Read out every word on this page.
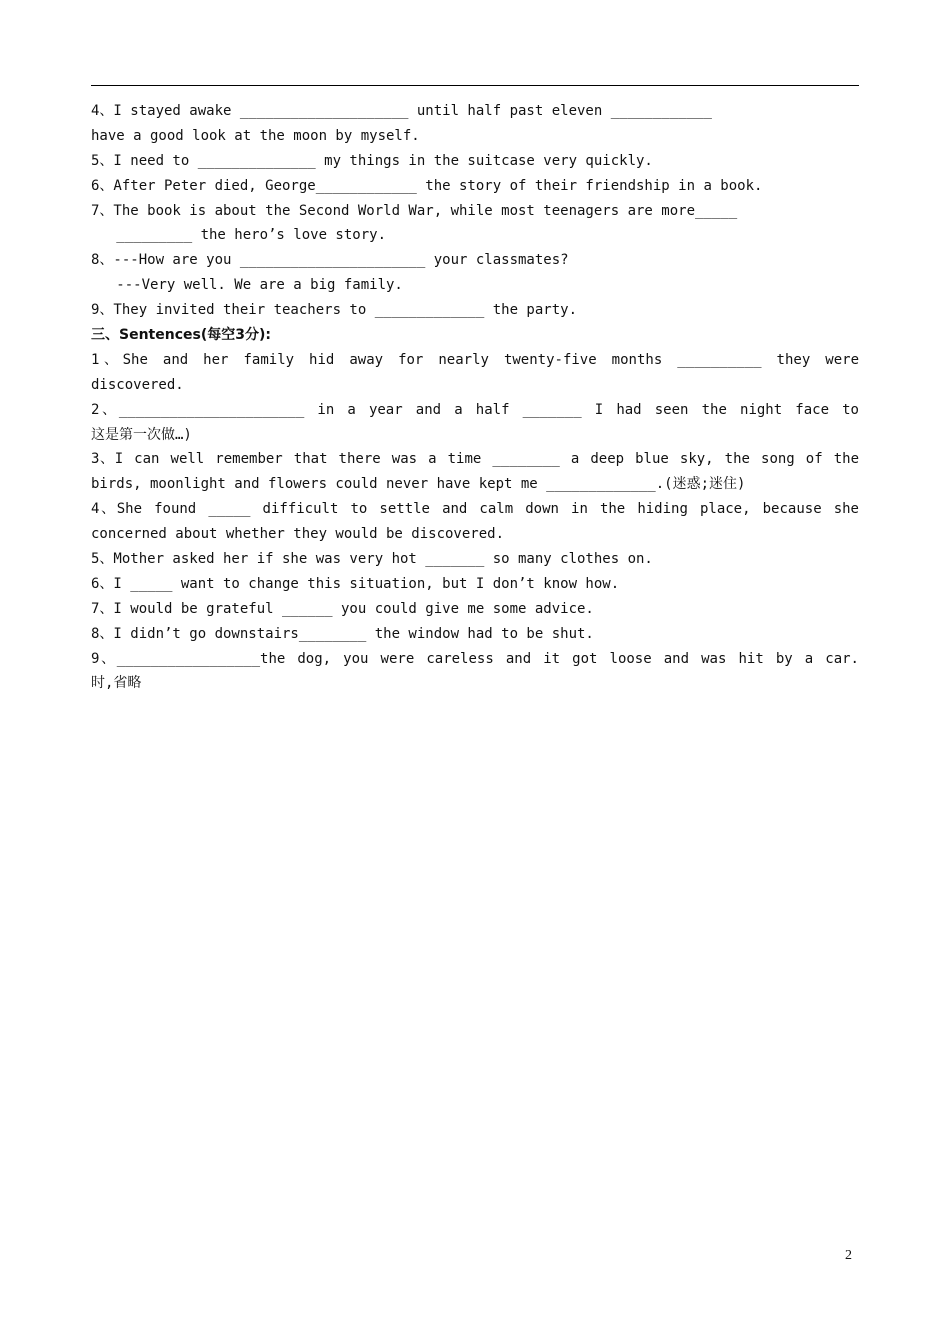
4、I stayed awake ____________________ until half past eleven ____________
have a good look at the moon by myself.
5、I need to ______________ my things in the suitcase very quickly.
6、After Peter died, George____________ the story of their friendship in a book.
7、The book is about the Second World War, while most teenagers are more_____
_________ the hero’s love story.
8、---How are you ______________________ your classmates?
---Very well. We are a big family.
9、They invited their teachers to _____________ the party.
三、Sentences(每空3分):
1、She and her family hid away for nearly twenty-five months __________ they were
discovered.
2、______________________ in a year and a half _______ I had seen the night face to
这是第一次做…)
3、I can well remember that there was a time ________ a deep blue sky, the song of the
birds, moonlight and flowers could never have kept me _____________.(迷惑;迷住)
4、She found _____ difficult to settle and calm down in the hiding place, because she
concerned about whether they would be discovered.
5、Mother asked her if she was very hot _______ so many clothes on.
6、I _____ want to change this situation, but I don’t know how.
7、I would be grateful ______ you could give me some advice.
8、I didn’t go downstairs________ the window had to be shut.
9、_________________the dog, you were careless and it got loose and was hit by a car.
时,省略
2
